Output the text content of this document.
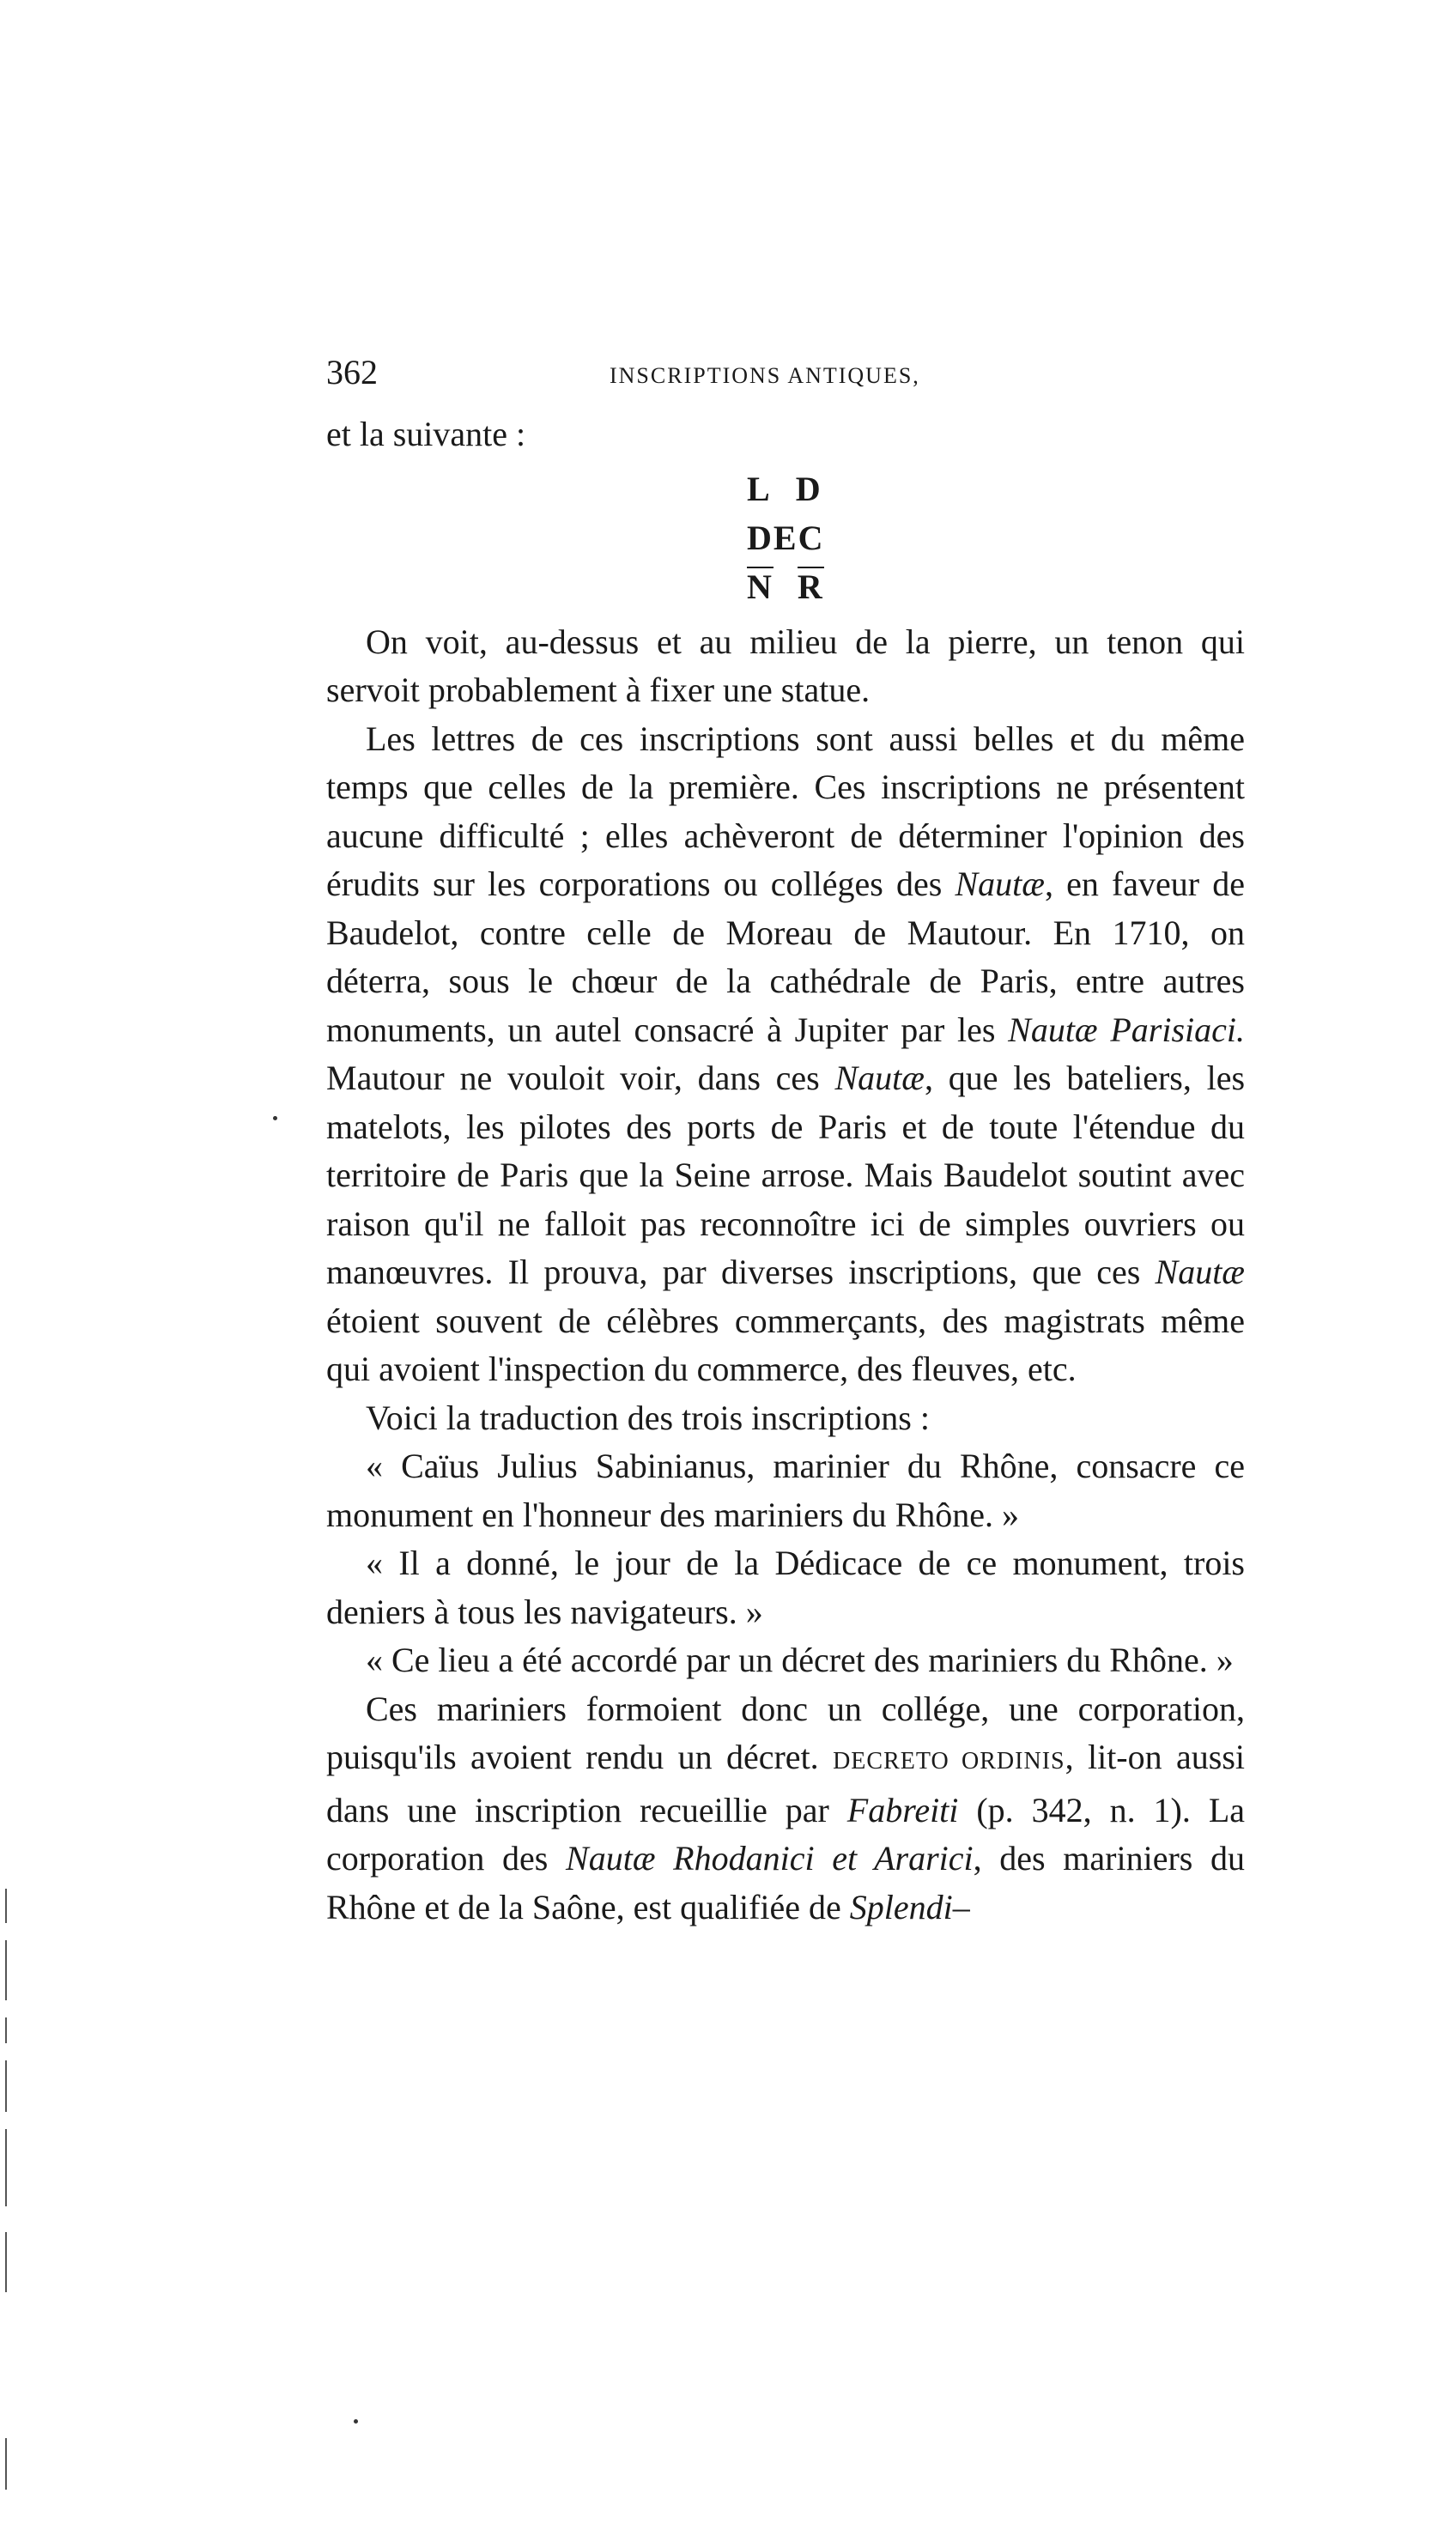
362	INSCRIPTIONS ANTIQUES,

et la suivante :

L D
DEC
N R

On voit, au-dessus et au milieu de la pierre, un tenon qui servoit probablement à fixer une statue.

Les lettres de ces inscriptions sont aussi belles et du même temps que celles de la première. Ces inscriptions ne présentent aucune difficulté ; elles achèveront de déterminer l'opinion des érudits sur les corporations ou colléges des Nautæ, en faveur de Baudelot, contre celle de Moreau de Mautour. En 1710, on déterra, sous le chœur de la cathédrale de Paris, entre autres monuments, un autel consacré à Jupiter par les Nautæ Parisiaci. Mautour ne vouloit voir, dans ces Nautæ, que les bateliers, les matelots, les pilotes des ports de Paris et de toute l'étendue du territoire de Paris que la Seine arrose. Mais Baudelot soutint avec raison qu'il ne falloit pas reconnoître ici de simples ouvriers ou manœuvres. Il prouva, par diverses inscriptions, que ces Nautæ étoient souvent de célèbres commerçants, des magistrats même qui avoient l'inspection du commerce, des fleuves, etc.

Voici la traduction des trois inscriptions :

« Caïus Julius Sabinianus, marinier du Rhône, consacre ce monument en l'honneur des mariniers du Rhône. »

« Il a donné, le jour de la Dédicace de ce monument, trois deniers à tous les navigateurs. »

« Ce lieu a été accordé par un décret des mariniers du Rhône. »

Ces mariniers formoient donc un collége, une corporation, puisqu'ils avoient rendu un décret. DECRETO ORDINIS, lit-on aussi dans une inscription recueillie par Fabreiti (p. 342, n. 1). La corporation des Nautæ Rhodanici et Ararici, des mariniers du Rhône et de la Saône, est qualifiée de Splendi–
